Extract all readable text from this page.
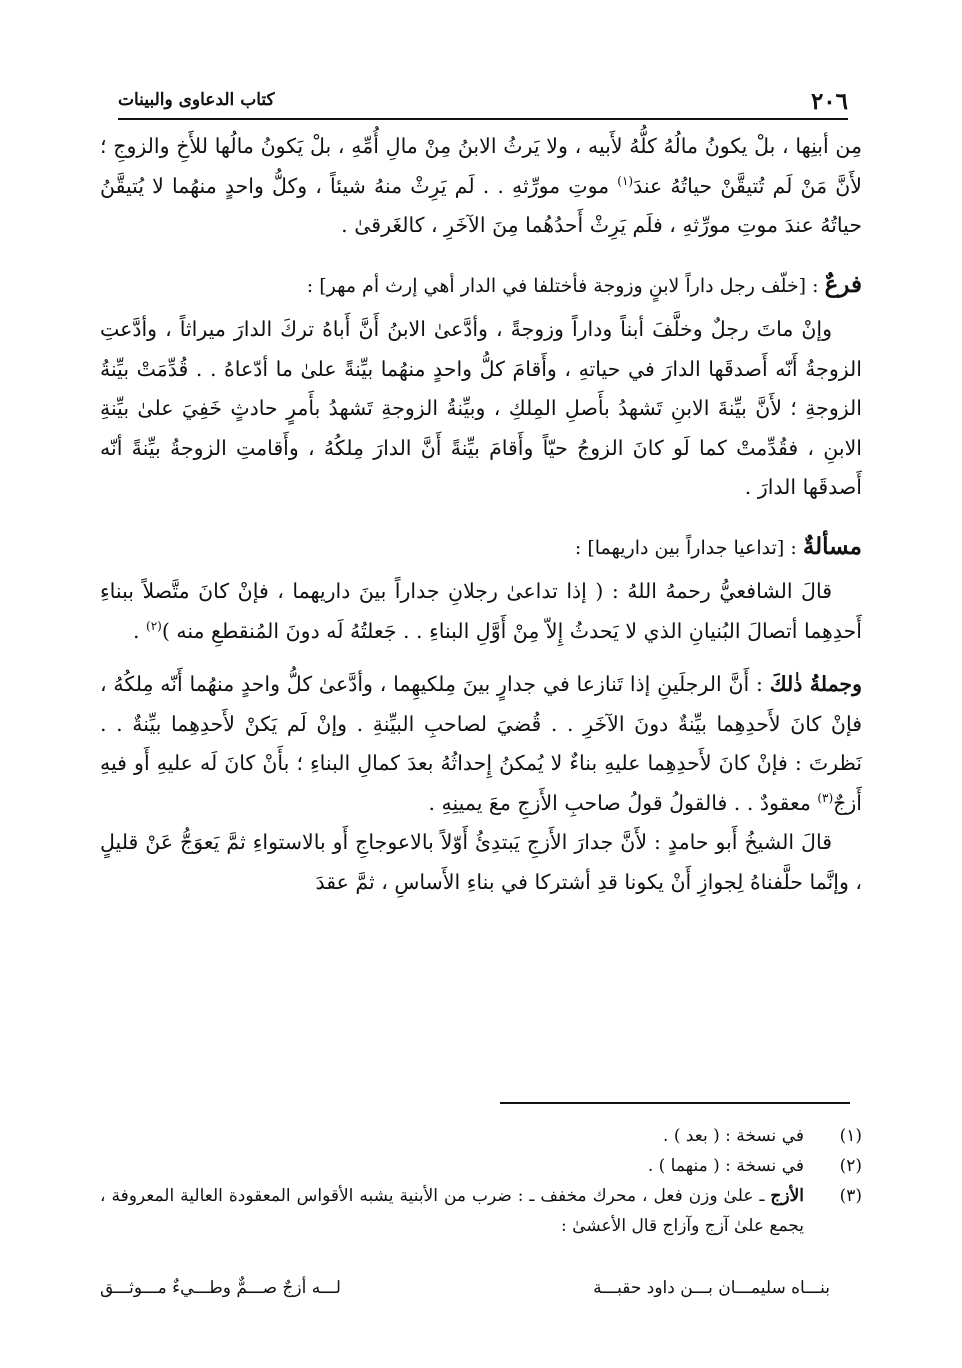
٢٠٦
كتاب الدعاوى والبينات

مِن أبنِها ، بلْ يكونُ مالُهُ كلُّهُ لأَبيه ، ولا يَرثُ الابنُ مِنْ مالِ أُمِّهِ ، بلْ يَكونُ مالُها للأَخِ والزوجِ ؛ لأَنَّ مَنْ لَم تُتيقَّنْ حياتُهُ عندَ$^{(١)}$ موتِ مورِّثهِ . . لَم يَرِثْ منهُ شيئاً ، وكلُّ واحدٍ منهُما لا يُتيقَّنُ حياتُهُ عندَ موتِ مورِّثهِ ، فلَم يَرِثْ أَحدُهُما مِنَ الآخَرِ ، كالغَرقىٰ .

فرعٌ : [خلّف رجل داراً لابنٍ وزوجة فأختلفا في الدار أهي إرث أم مهر] :

وإنْ ماتَ رجلٌ وخلَّفَ أبناً وداراً وزوجةً ، وأدَّعىٰ الابنُ أَنَّ أَباهُ تركَ الدارَ ميراثاً ، وأدَّعتِ الزوجةُ أَنّه أَصدقَها الدارَ في حياتهِ ، وأَقامَ كلُّ واحدٍ منهُما بيِّنةً علىٰ ما أدّعاهُ . . قُدِّمَتْ بيِّنةُ الزوجةِ ؛ لأَنَّ بيِّنةَ الابنِ تَشهدُ بأَصلِ المِلكِ ، وبيِّنةُ الزوجةِ تَشهدُ بأَمرٍ حادثٍ خَفِيَ علىٰ بيِّنةِ الابنِ ، فقُدِّمتْ كما لَو كانَ الزوجُ حيّاً وأَقامَ بيِّنةً أَنَّ الدارَ مِلكُهُ ، وأَقامتِ الزوجةُ بيِّنةً أنّه أَصدقَها الدارَ .

مسألةٌ : [تداعيا جداراً بين داريهما] :

قالَ الشافعيُّ رحمهُ اللهُ : ( إذا تداعىٰ رجلانِ جداراً بينَ داريهما ، فإنْ كانَ متَّصلاً ببناءِ أَحدِهِما أتصالَ البُنيانِ الذي لا يَحدثُ إِلاّ مِنْ أَوَّلِ البناءِ . . جَعلتُهُ لَه دونَ المُنقطعِ منه )$^{(٢)}$ .

وجملةُ ذٰلكَ : أَنَّ الرجلَينِ إذا تَنازعا في جدارٍ بينَ مِلكيهِما ، وأدَّعىٰ كلُّ واحدٍ منهُما أَنّه مِلكُهُ ، فإنْ كانَ لأَحدِهِما بيِّنةٌ دونَ الآخَرِ . . قُضيَ لصاحبِ البيِّنةِ . وإنْ لَم يَكنْ لأَحدِهِما بيِّنةٌ . . نَظرتَ : فإنْ كانَ لأَحدِهِما عليهِ بناءٌ لا يُمكنُ إِحداثُهُ بعدَ كمالِ البناءِ ؛ بأَنْ كانَ لَه عليهِ أَو فيهِ أَزجٌ$^{(٣)}$ معقودٌ . . فالقولُ قولُ صاحبِ الأَزجِ معَ يمينِهِ .

قالَ الشيخُ أَبو حامدٍ : لأَنَّ جدارَ الأَزجِ يَبتدِئُ أَوّلاً بالاعوجاجِ أَو بالاستواءِ ثمَّ يَعوَجُّ عَنْ قليلٍ ، وإنَّما حلَّفناهُ لِجوازِ أَنْ يكونا قدِ أشتركا في بناءِ الأَساسِ ، ثمَّ عقدَ

(١)
في نسخة : ( بعد ) .
(٢)
في نسخة : ( منهما ) .
(٣)
الأزج ـ علىٰ وزن فعل ، محرك مخفف ـ : ضرب من الأبنية يشبه الأقواس المعقودة العالية المعروفة ، يجمع علىٰ آزج وآزاج قال الأعشىٰ :
بنـــاه سليمـــان بـــن داود حقبـــة
لـــه أزجٌ صـــمٌّ وطـــيءٌ مـــوثـــق
